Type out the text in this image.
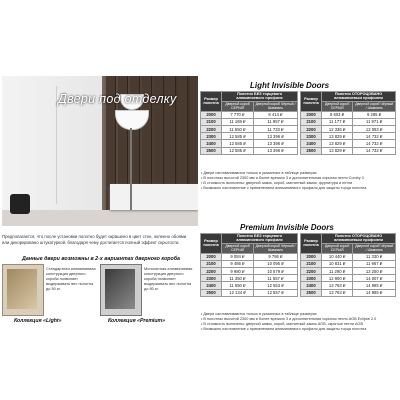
Двери под отделку
Предполагается, что после установки полотно будет окрашено в цвет стен, оклеено обоями или декорировано штукатуркой, благодаря чему достигается полный эффект скрытости.
Данные двери возможны в 2-х вариантах дверного короба
Стандартная алюминиевая конструкция дверного короба позволяет выдерживать вес полотна до 50 кг.
Коллекция «Light»
Монолитная алюминиевая конструкция дверного короба позволяет выдерживать вес полотна до 80 кг.
Коллекция «Premium»
Light Invisible Doors
Размер полотна	Полотно БЕЗ торцевого алюминиевого профиля	
	Дверной короб СЕРЫЙ	Дверной короб Чёрный / Шампань
2000	7 770 ₽	8 414 ₽
2100	11 169 ₽	11 957 ₽
2200	11 550 ₽	11 733 ₽
2300	12 585 ₽	13 396 ₽
2400	12 585 ₽	13 396 ₽
2500	12 585 ₽	13 396 ₽
Размер полотна	Полотно ОТОРОЦОВАНО алюминиевым профилем	
	Дверной короб СЕРЫЙ	Дверной короб Чёрный / Шампань
2000	8 603 ₽	9 285 ₽
2100	11 177 ₽	11 971 ₽
2200	12 336 ₽	12 083 ₽
2300	13 829 ₽	14 732 ₽
2400	13 829 ₽	14 732 ₽
2500	13 829 ₽	14 732 ₽
• Двери изготавливаются только в указанных в таблице размерах
• В полотнах высотой 2300 мм и более врезано 3 и дополнительная скрытая петля Comby 3
• В стоимость включены: дверной замок, короб, магнитный замок, фурнитура и петли
• Возможно изготовление с применением алюминиевого профиля для защиты торца полотна
Premium Invisible Doors
Размер полотна	Полотно БЕЗ торцевого алюминиевого профиля	
	Дверной короб СЕРЫЙ	Дверной короб Чёрный / Шампань
2000	9 084 ₽	9 786 ₽
2100	9 486 ₽	10 095 ₽
2200	9 980 ₽	10 579 ₽
2300	11 350 ₽	11 557 ₽
2400	11 550 ₽	12 553 ₽
2500	12 134 ₽	12 557 ₽
Размер полотна	Полотно ОТОРОЦОВАНО алюминиевым профилем	
	Дверной короб СЕРЫЙ	Дверной короб Чёрный / Шампань
2000	10 440 ₽	11 330 ₽
2100	10 831 ₽	11 967 ₽
2200	11 290 ₽	12 250 ₽
2300	12 900 ₽	14 007 ₽
2400	13 763 ₽	14 985 ₽
2500	13 763 ₽	14 985 ₽
• Двери изготавливаются только в указанных в таблице размерах
• В полотнах высотой 2300 мм и более врезано 3 и дополнительная скрытая петля AGB Eclipse 2.0
• В стоимость включены: дверной замок, короб, магнитный замок AGB, скрытые петли AGB
• Возможно изготовление с применением алюминиевого профиля для защиты торца полотна
